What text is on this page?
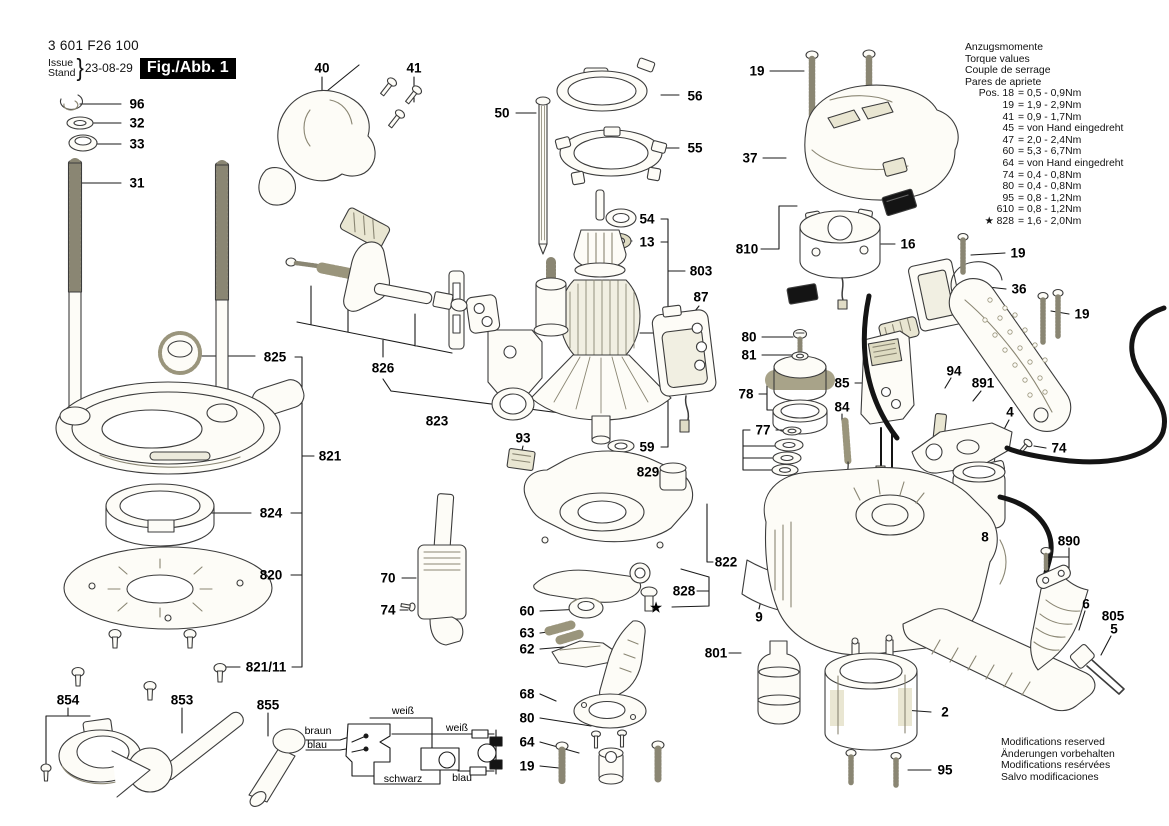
3 601 F26 100
Issue
Stand } 23-08-29 Fig./Abb. 1
Anzugsmomente
Torque values
Couple de serrage
Pares de apriete
Pos. 18 = 0,5 - 0,9Nm
19 = 1,9 - 2,9Nm
41 = 0,9 - 1,7Nm
45 = von Hand eingedreht
47 = 2,0 - 2,4Nm
60 = 5,3 - 6,7Nm
64 = von Hand eingedreht
74 = 0,4 - 0,8Nm
80 = 0,4 - 0,8Nm
95 = 0,8 - 1,2Nm
610 = 0,8 - 1,2Nm
★ 828 = 1,6 - 2,0Nm
Modifications reserved
Änderungen vorbehalten
Modifications resérvées
Salvo modificaciones
96
32
33
31
825
821
824
820
821/11
854	853	855
40	41
50
56
55
54
13
803
87
59
829
826
823
93
70
74	60
63
62
68
80
64
19
828
★
822
801
77
80
81
78
85
84
16
810
37
19
19
36
19
94
891
4
74
8	890
6
805
5
9
2
95
braun
blau
weiß
weiß
schwarz	blau
